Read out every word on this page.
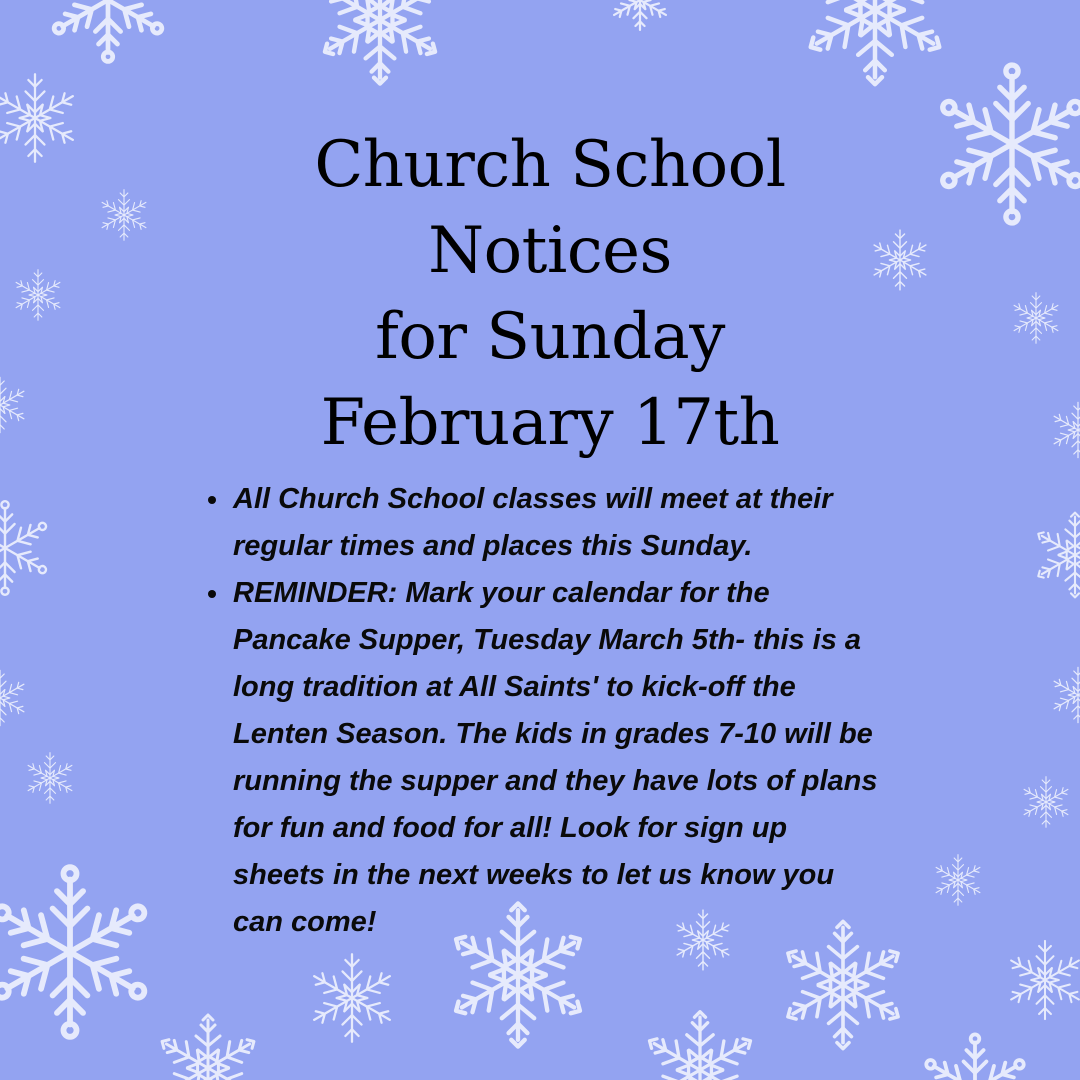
Church School Notices
for Sunday
February 17th
All Church School classes will meet at their regular times and places this Sunday.
REMINDER: Mark your calendar for the Pancake Supper, Tuesday March 5th- this is a long tradition at All Saints' to kick-off the Lenten Season. The kids in grades 7-10 will be running the supper and they have lots of plans for fun and food for all! Look for sign up sheets in the next weeks to let us know you can come!
